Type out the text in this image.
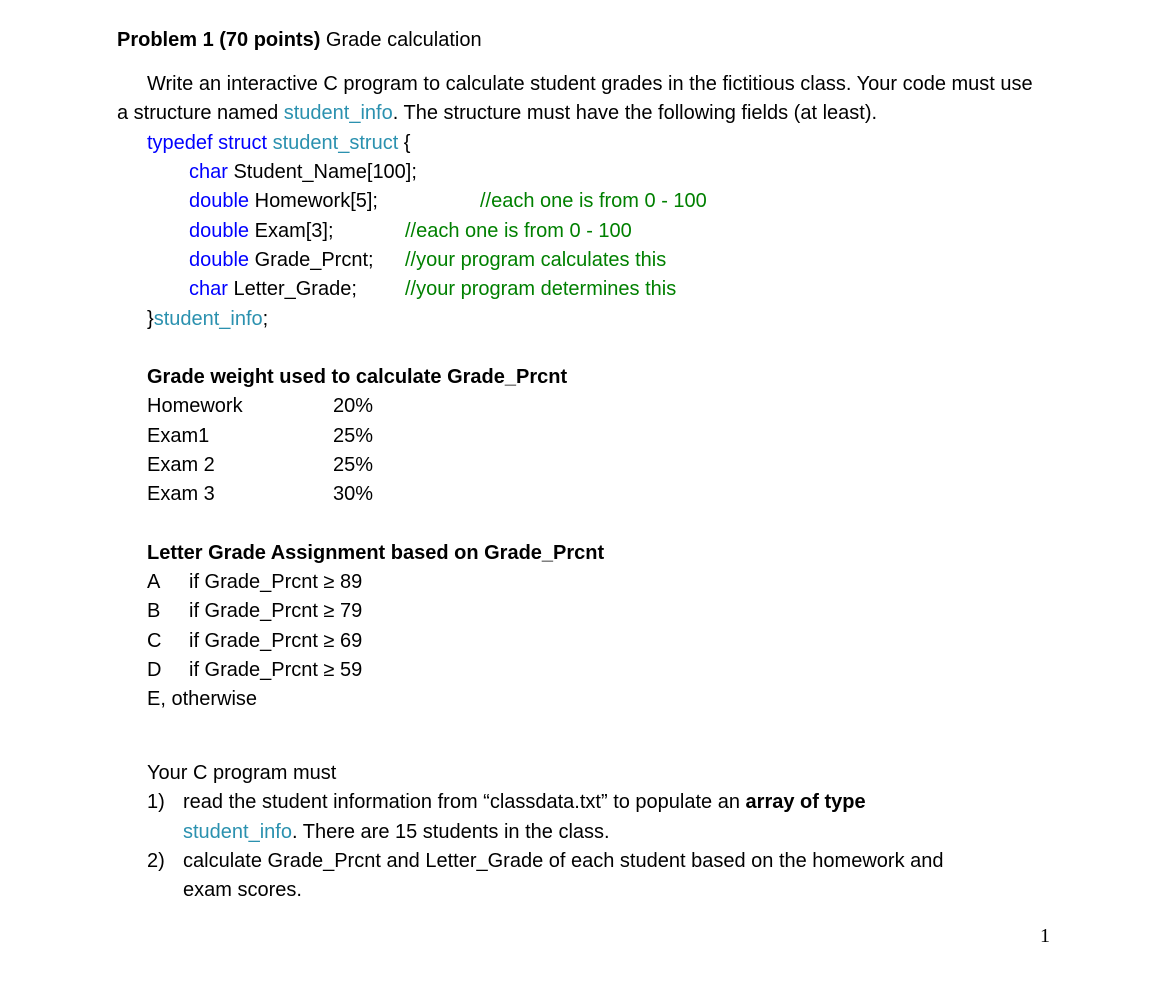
Problem 1 (70 points) Grade calculation
Write an interactive C program to calculate student grades in the fictitious class. Your code must use
a structure named student_info. The structure must have the following fields (at least).
typedef struct student_struct {
char Student_Name[100];
double Homework[5];	//each one is from 0 - 100
double Exam[3];	//each one is from 0 - 100
double Grade_Prcnt; //your program calculates this
char Letter_Grade; //your program determines this
}student_info;
Grade weight used to calculate Grade_Prcnt
Homework	20%
Exam1	25%
Exam 2	25%
Exam 3	30%
Letter Grade Assignment based on Grade_Prcnt
A if Grade_Prcnt ≥ 89
B if Grade_Prcnt ≥ 79
C if Grade_Prcnt ≥ 69
D if Grade_Prcnt ≥ 59
E, otherwise
Your C program must
1) read the student information from “classdata.txt” to populate an array of type
student_info. There are 15 students in the class.
2) calculate Grade_Prcnt and Letter_Grade of each student based on the homework and
exam scores.
1
